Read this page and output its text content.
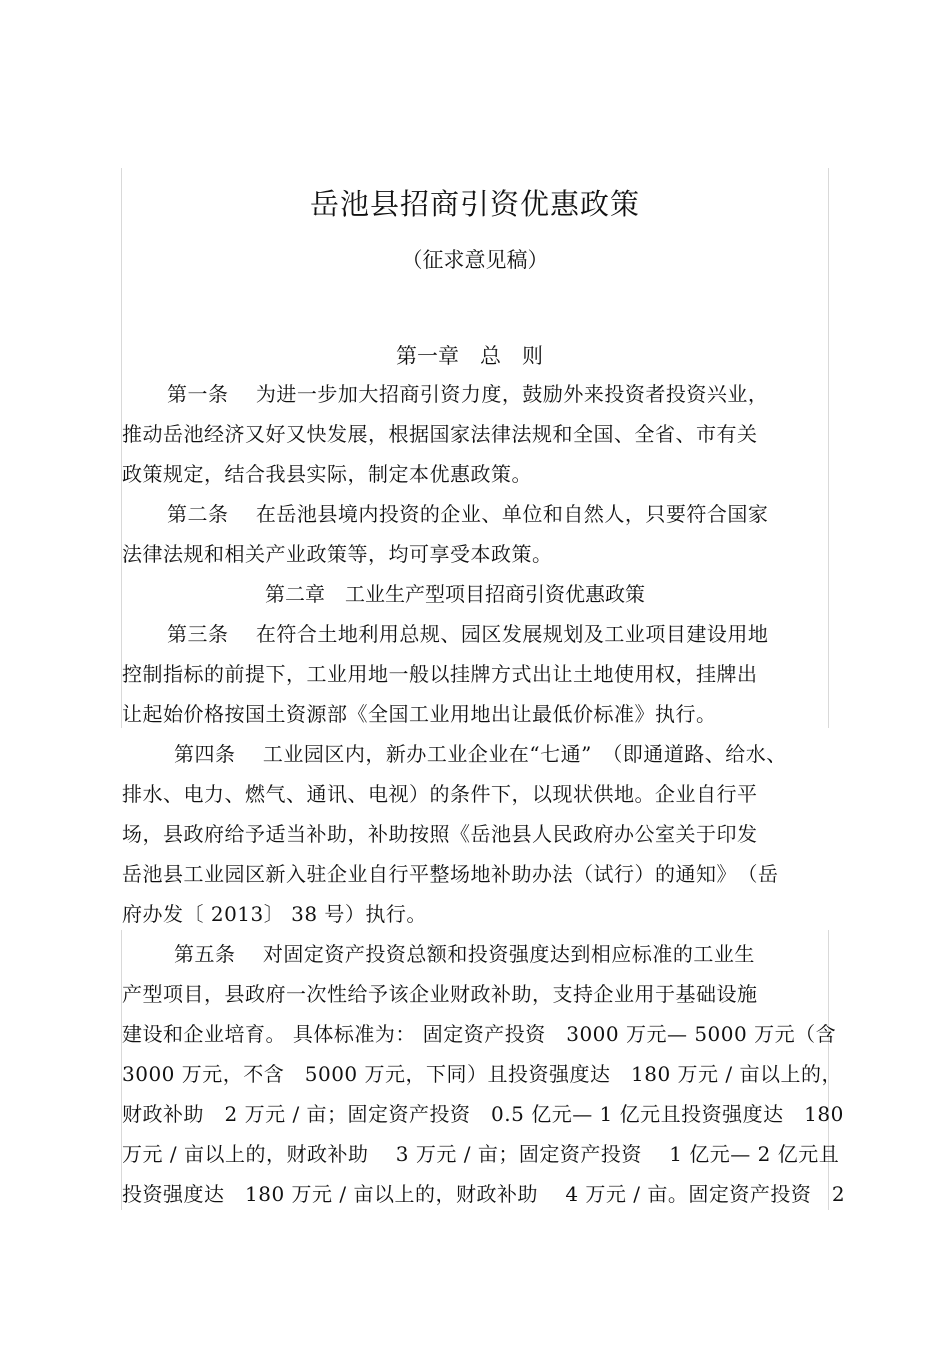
岳池县招商引资优惠政策
（征求意见稿）
第一章　总　则
第一条　 为进一步加大招商引资力度，鼓励外来投资者投资兴业，
推动岳池经济又好又快发展，根据国家法律法规和全国、全省、市有关
政策规定，结合我县实际，制定本优惠政策。
第二条　 在岳池县境内投资的企业、单位和自然人，只要符合国家
法律法规和相关产业政策等，均可享受本政策。
第二章　工业生产型项目招商引资优惠政策
第三条　 在符合土地利用总规、园区发展规划及工业项目建设用地
控制指标的前提下，工业用地一般以挂牌方式出让土地使用权，挂牌出
让起始价格按国土资源部《全国工业用地出让最低价标准》执行。
第四条　 工业园区内，新办工业企业在“七通”　（即通道路、给水、
排水、电力、燃气、通讯、电视）的条件下，以现状供地。企业自行平
场，县政府给予适当补助，补助按照《岳池县人民政府办公室关于印发
岳池县工业园区新入驻企业自行平整场地补助办法（试行）的通知》　（岳
府办发〔 2013〕 38 号）执行。
第五条　 对固定资产投资总额和投资强度达到相应标准的工业生
产型项目，县政府一次性给予该企业财政补助，支持企业用于基础设施
建设和企业培育。 具体标准为： 固定资产投资　3000 万元— 5000 万元（含
3000 万元，不含　5000 万元，下同）且投资强度达　180 万元 / 亩以上的，
财政补助　2 万元 / 亩；固定资产投资　0.5 亿元— 1 亿元且投资强度达　180
万元 / 亩以上的，财政补助　 3 万元 / 亩；固定资产投资　 1 亿元— 2 亿元且
投资强度达　180 万元 / 亩以上的，财政补助　 4 万元 / 亩。固定资产投资　2
